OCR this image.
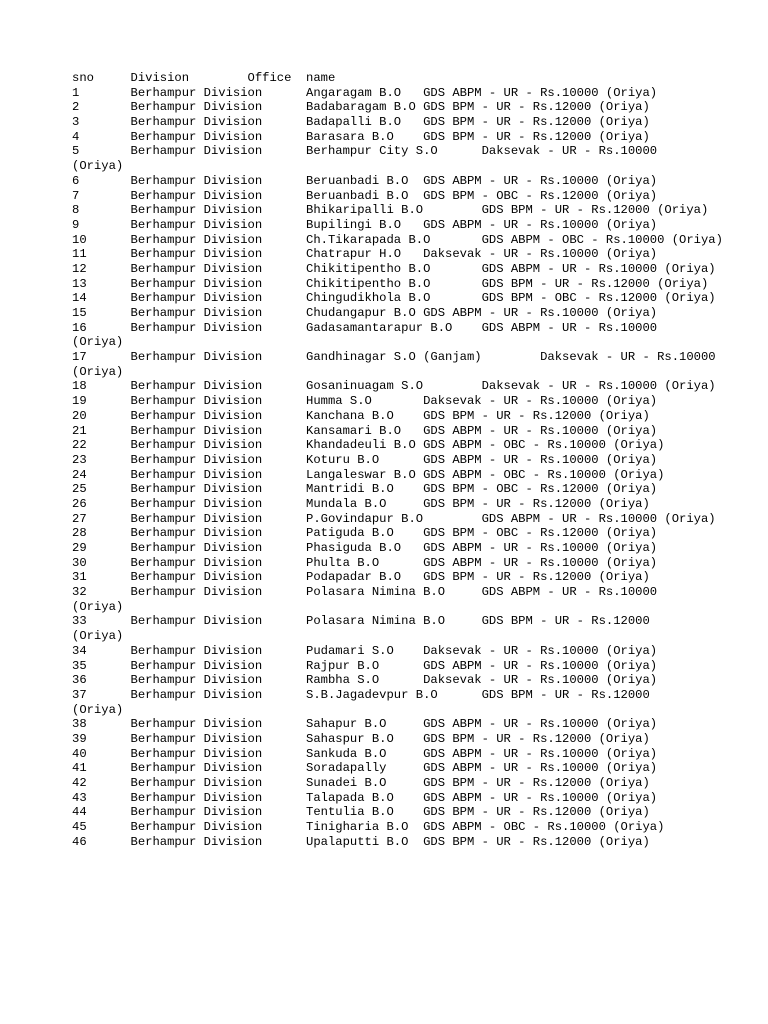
sno	Division	Office	name
1	Berhampur Division	Angaragam B.O	GDS ABPM - UR - Rs.10000 (Oriya)
2	Berhampur Division	Badabaragam B.O	GDS BPM - UR - Rs.12000 (Oriya)
3	Berhampur Division	Badapalli B.O	GDS BPM - UR - Rs.12000 (Oriya)
4	Berhampur Division	Barasara B.O	GDS BPM - UR - Rs.12000 (Oriya)
5	Berhampur Division	Berhampur City S.O	Daksevak - UR - Rs.10000
(Oriya)
6	Berhampur Division	Beruanbadi B.O	GDS ABPM - UR - Rs.10000 (Oriya)
7	Berhampur Division	Beruanbadi B.O	GDS BPM - OBC - Rs.12000 (Oriya)
8	Berhampur Division	Bhikaripalli B.O	GDS BPM - UR - Rs.12000 (Oriya)
9	Berhampur Division	Bupilingi B.O	GDS ABPM - UR - Rs.10000 (Oriya)
10	Berhampur Division	Ch.Tikarapada B.O	GDS ABPM - OBC - Rs.10000 (Oriya)
11	Berhampur Division	Chatrapur H.O	Daksevak - UR - Rs.10000 (Oriya)
12	Berhampur Division	Chikitipentho B.O	GDS ABPM - UR - Rs.10000 (Oriya)
13	Berhampur Division	Chikitipentho B.O	GDS BPM - UR - Rs.12000 (Oriya)
14	Berhampur Division	Chingudikhola B.O	GDS BPM - OBC - Rs.12000 (Oriya)
15	Berhampur Division	Chudangapur B.O	GDS ABPM - UR - Rs.10000 (Oriya)
16	Berhampur Division	Gadasamantarapur B.O	GDS ABPM - UR - Rs.10000
(Oriya)
17	Berhampur Division	Gandhinagar S.O (Ganjam)	Daksevak - UR - Rs.10000
(Oriya)
18	Berhampur Division	Gosaninuagam S.O	Daksevak - UR - Rs.10000 (Oriya)
19	Berhampur Division	Humma S.O	Daksevak - UR - Rs.10000 (Oriya)
20	Berhampur Division	Kanchana B.O	GDS BPM - UR - Rs.12000 (Oriya)
21	Berhampur Division	Kansamari B.O	GDS ABPM - UR - Rs.10000 (Oriya)
22	Berhampur Division	Khandadeuli B.O	GDS ABPM - OBC - Rs.10000 (Oriya)
23	Berhampur Division	Koturu B.O	GDS ABPM - UR - Rs.10000 (Oriya)
24	Berhampur Division	Langaleswar B.O	GDS ABPM - OBC - Rs.10000 (Oriya)
25	Berhampur Division	Mantridi B.O	GDS BPM - OBC - Rs.12000 (Oriya)
26	Berhampur Division	Mundala B.O	GDS BPM - UR - Rs.12000 (Oriya)
27	Berhampur Division	P.Govindapur B.O	GDS ABPM - UR - Rs.10000 (Oriya)
28	Berhampur Division	Patiguda B.O	GDS BPM - OBC - Rs.12000 (Oriya)
29	Berhampur Division	Phasiguda B.O	GDS ABPM - UR - Rs.10000 (Oriya)
30	Berhampur Division	Phulta B.O	GDS ABPM - UR - Rs.10000 (Oriya)
31	Berhampur Division	Podapadar B.O	GDS BPM - UR - Rs.12000 (Oriya)
32	Berhampur Division	Polasara Nimina B.O	GDS ABPM - UR - Rs.10000
(Oriya)
33	Berhampur Division	Polasara Nimina B.O	GDS BPM - UR - Rs.12000
(Oriya)
34	Berhampur Division	Pudamari S.O	Daksevak - UR - Rs.10000 (Oriya)
35	Berhampur Division	Rajpur B.O	GDS ABPM - UR - Rs.10000 (Oriya)
36	Berhampur Division	Rambha S.O	Daksevak - UR - Rs.10000 (Oriya)
37	Berhampur Division	S.B.Jagadevpur B.O	GDS BPM - UR - Rs.12000
(Oriya)
38	Berhampur Division	Sahapur B.O	GDS ABPM - UR - Rs.10000 (Oriya)
39	Berhampur Division	Sahaspur B.O	GDS BPM - UR - Rs.12000 (Oriya)
40	Berhampur Division	Sankuda B.O	GDS ABPM - UR - Rs.10000 (Oriya)
41	Berhampur Division	Soradapally	GDS ABPM - UR - Rs.10000 (Oriya)
42	Berhampur Division	Sunadei B.O	GDS BPM - UR - Rs.12000 (Oriya)
43	Berhampur Division	Talapada B.O	GDS ABPM - UR - Rs.10000 (Oriya)
44	Berhampur Division	Tentulia B.O	GDS BPM - UR - Rs.12000 (Oriya)
45	Berhampur Division	Tinigharia B.O	GDS ABPM - OBC - Rs.10000 (Oriya)
46	Berhampur Division	Upalaputti B.O	GDS BPM - UR - Rs.12000 (Oriya)
